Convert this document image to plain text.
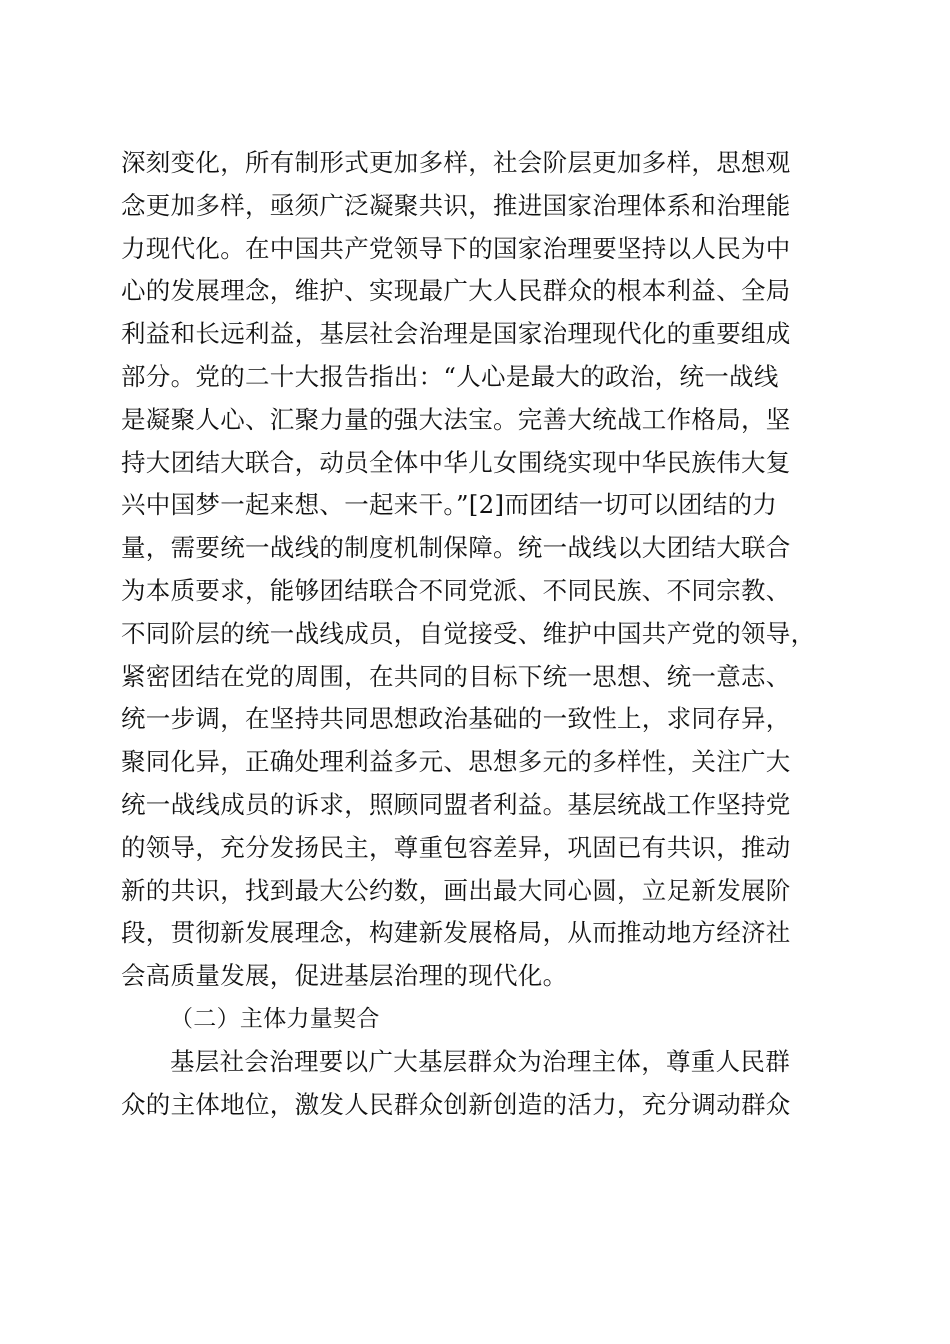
深刻变化，所有制形式更加多样，社会阶层更加多样，思想观
念更加多样，亟须广泛凝聚共识，推进国家治理体系和治理能
力现代化。在中国共产党领导下的国家治理要坚持以人民为中
心的发展理念，维护、实现最广大人民群众的根本利益、全局
利益和长远利益，基层社会治理是国家治理现代化的重要组成
部分。党的二十大报告指出：“人心是最大的政治，统一战线
是凝聚人心、汇聚力量的强大法宝。完善大统战工作格局，坚
持大团结大联合，动员全体中华儿女围绕实现中华民族伟大复
兴中国梦一起来想、一起来干。”[2]而团结一切可以团结的力
量，需要统一战线的制度机制保障。统一战线以大团结大联合
为本质要求，能够团结联合不同党派、不同民族、不同宗教、
不同阶层的统一战线成员，自觉接受、维护中国共产党的领导，
紧密团结在党的周围，在共同的目标下统一思想、统一意志、
统一步调，在坚持共同思想政治基础的一致性上，求同存异，
聚同化异，正确处理利益多元、思想多元的多样性，关注广大
统一战线成员的诉求，照顾同盟者利益。基层统战工作坚持党
的领导，充分发扬民主，尊重包容差异，巩固已有共识，推动
新的共识，找到最大公约数，画出最大同心圆，立足新发展阶
段，贯彻新发展理念，构建新发展格局，从而推动地方经济社
会高质量发展，促进基层治理的现代化。
（二）主体力量契合
基层社会治理要以广大基层群众为治理主体，尊重人民群
众的主体地位，激发人民群众创新创造的活力，充分调动群众
